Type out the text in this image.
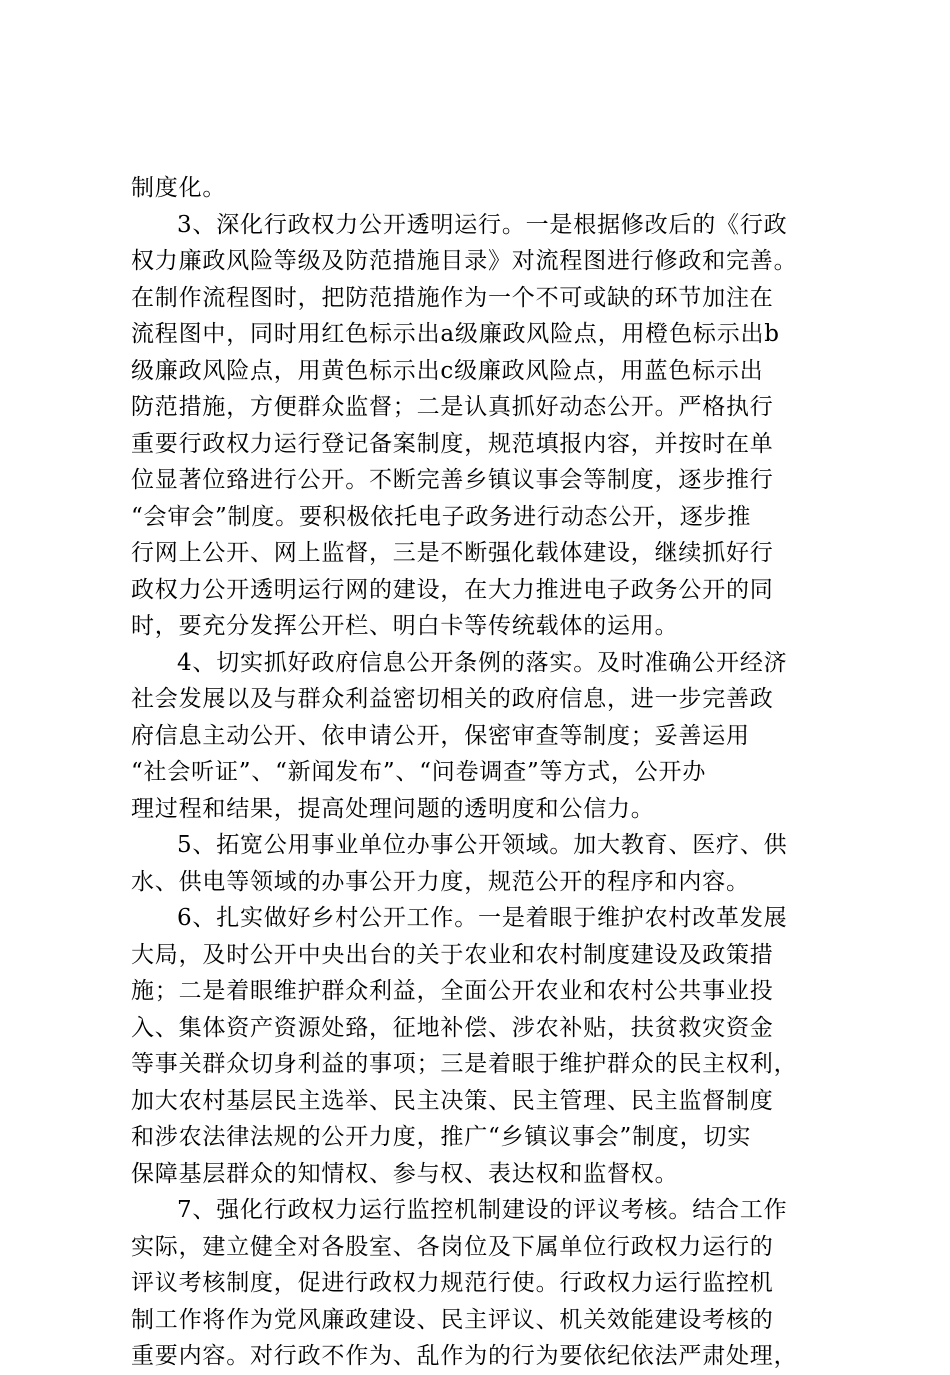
制度化。
3、深化行政权力公开透明运行。一是根据修改后的《行政
权力廉政风险等级及防范措施目录》对流程图进行修政和完善。
在制作流程图时，把防范措施作为一个不可或缺的环节加注在
流程图中，同时用红色标示出a级廉政风险点，用橙色标示出b
级廉政风险点，用黄色标示出c级廉政风险点，用蓝色标示出
防范措施，方便群众监督；二是认真抓好动态公开。严格执行
重要行政权力运行登记备案制度，规范填报内容，并按时在单
位显著位臵进行公开。不断完善乡镇议事会等制度，逐步推行
“会审会”制度。要积极依托电子政务进行动态公开，逐步推
行网上公开、网上监督，三是不断强化载体建设，继续抓好行
政权力公开透明运行网的建设，在大力推进电子政务公开的同
时，要充分发挥公开栏、明白卡等传统载体的运用。
4、切实抓好政府信息公开条例的落实。及时准确公开经济
社会发展以及与群众利益密切相关的政府信息，进一步完善政
府信息主动公开、依申请公开，保密审查等制度；妥善运用
“社会听证”、“新闻发布”、“问卷调查”等方式，公开办
理过程和结果，提高处理问题的透明度和公信力。
5、拓宽公用事业单位办事公开领域。加大教育、医疗、供
水、供电等领域的办事公开力度，规范公开的程序和内容。
6、扎实做好乡村公开工作。一是着眼于维护农村改革发展
大局，及时公开中央出台的关于农业和农村制度建设及政策措
施；二是着眼维护群众利益，全面公开农业和农村公共事业投
入、集体资产资源处臵，征地补偿、涉农补贴，扶贫救灾资金
等事关群众切身利益的事项；三是着眼于维护群众的民主权利，
加大农村基层民主选举、民主决策、民主管理、民主监督制度
和涉农法律法规的公开力度，推广“乡镇议事会”制度，切实
保障基层群众的知情权、参与权、表达权和监督权。
7、强化行政权力运行监控机制建设的评议考核。结合工作
实际，建立健全对各股室、各岗位及下属单位行政权力运行的
评议考核制度，促进行政权力规范行使。行政权力运行监控机
制工作将作为党风廉政建设、民主评议、机关效能建设考核的
重要内容。对行政不作为、乱作为的行为要依纪依法严肃处理，
